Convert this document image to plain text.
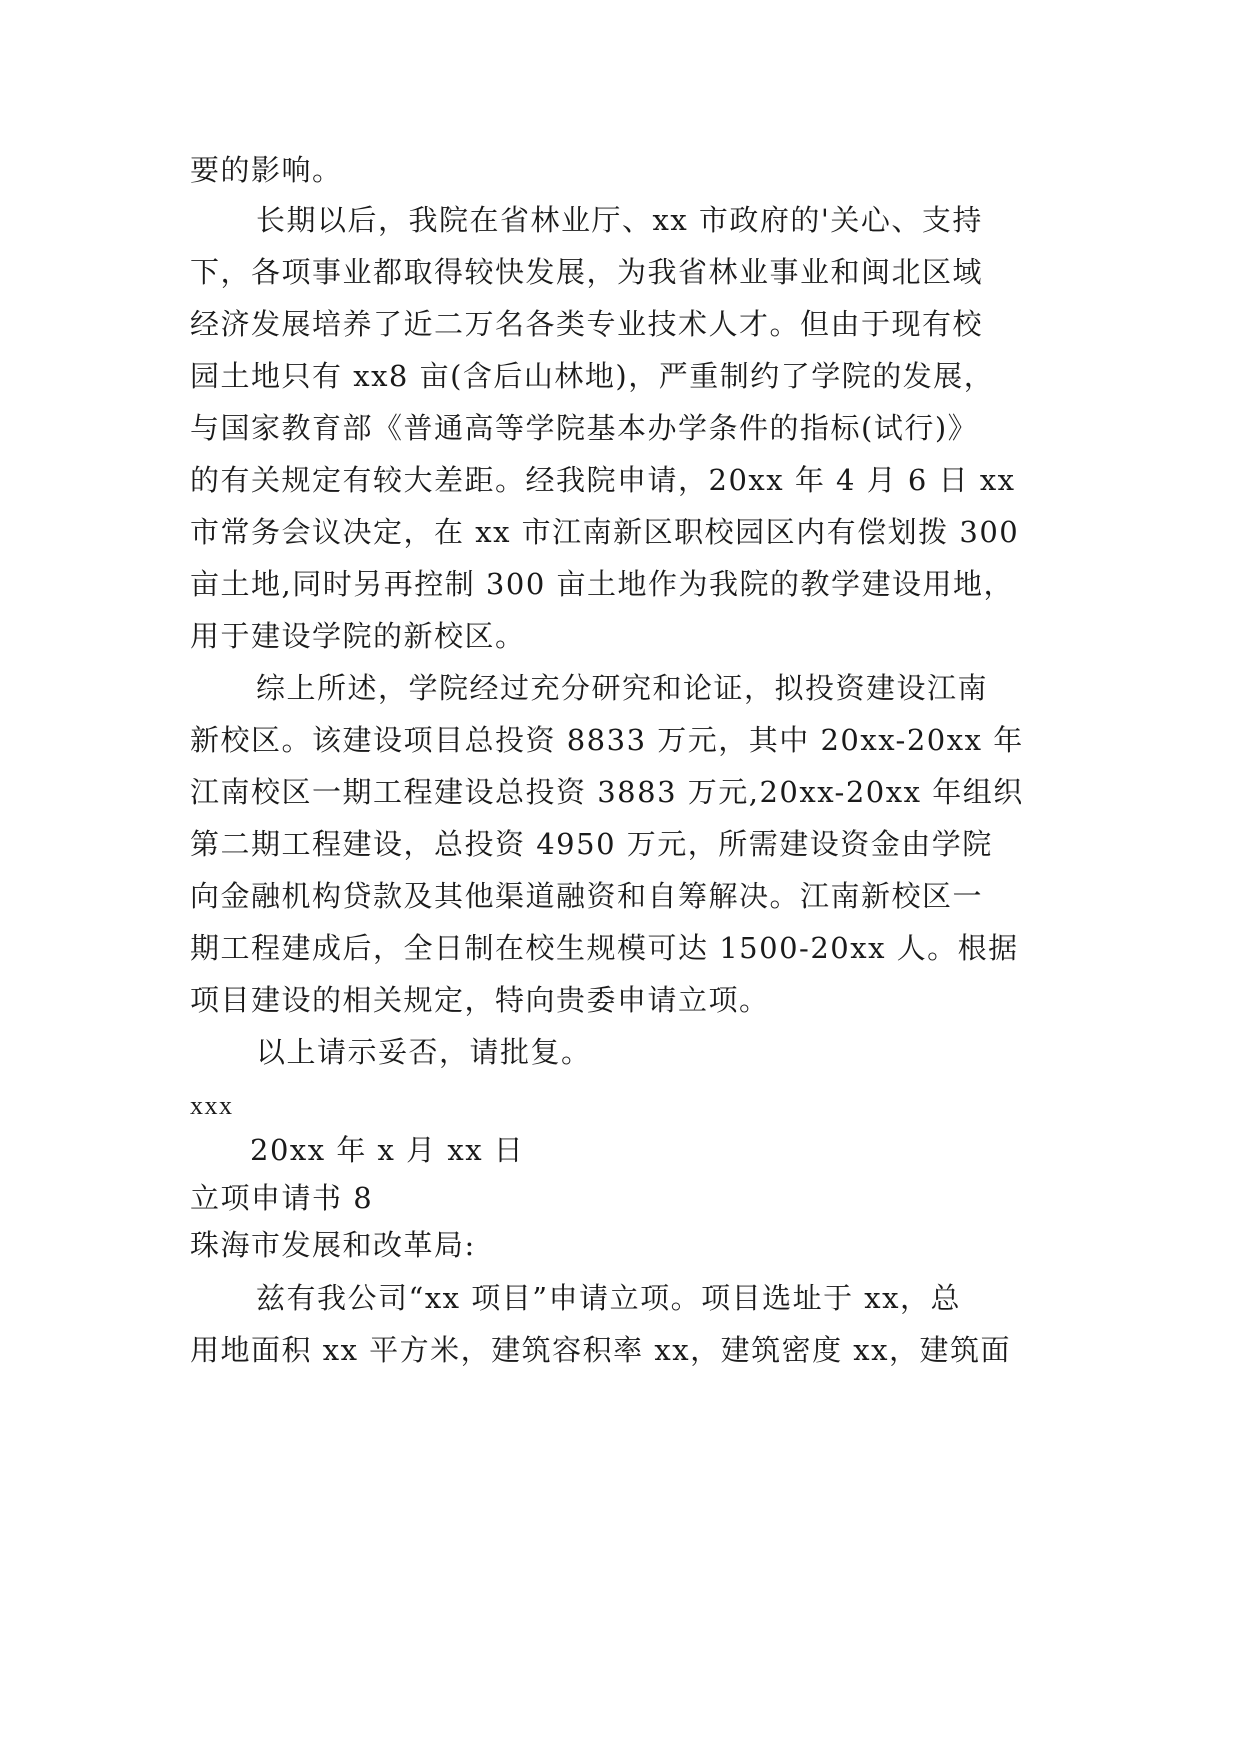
要的影响。
长期以后，我院在省林业厅、xx 市政府的'关心、支持
下，各项事业都取得较快发展，为我省林业事业和闽北区域
经济发展培养了近二万名各类专业技术人才。但由于现有校
园土地只有 xx8 亩(含后山林地)，严重制约了学院的发展，
与国家教育部《普通高等学院基本办学条件的指标(试行)》
的有关规定有较大差距。经我院申请，20xx 年 4 月 6 日 xx
市常务会议决定，在 xx 市江南新区职校园区内有偿划拨 300
亩土地,同时另再控制 300 亩土地作为我院的教学建设用地，
用于建设学院的新校区。
综上所述，学院经过充分研究和论证，拟投资建设江南
新校区。该建设项目总投资 8833 万元，其中 20xx-20xx 年
江南校区一期工程建设总投资 3883 万元,20xx-20xx 年组织
第二期工程建设，总投资 4950 万元，所需建设资金由学院
向金融机构贷款及其他渠道融资和自筹解决。江南新校区一
期工程建成后，全日制在校生规模可达 1500-20xx 人。根据
项目建设的相关规定，特向贵委申请立项。
以上请示妥否，请批复。
xxx
20xx 年 x 月 xx 日
立项申请书 8
珠海市发展和改革局:
兹有我公司“xx 项目”申请立项。项目选址于 xx，总
用地面积 xx 平方米，建筑容积率 xx，建筑密度 xx，建筑面
